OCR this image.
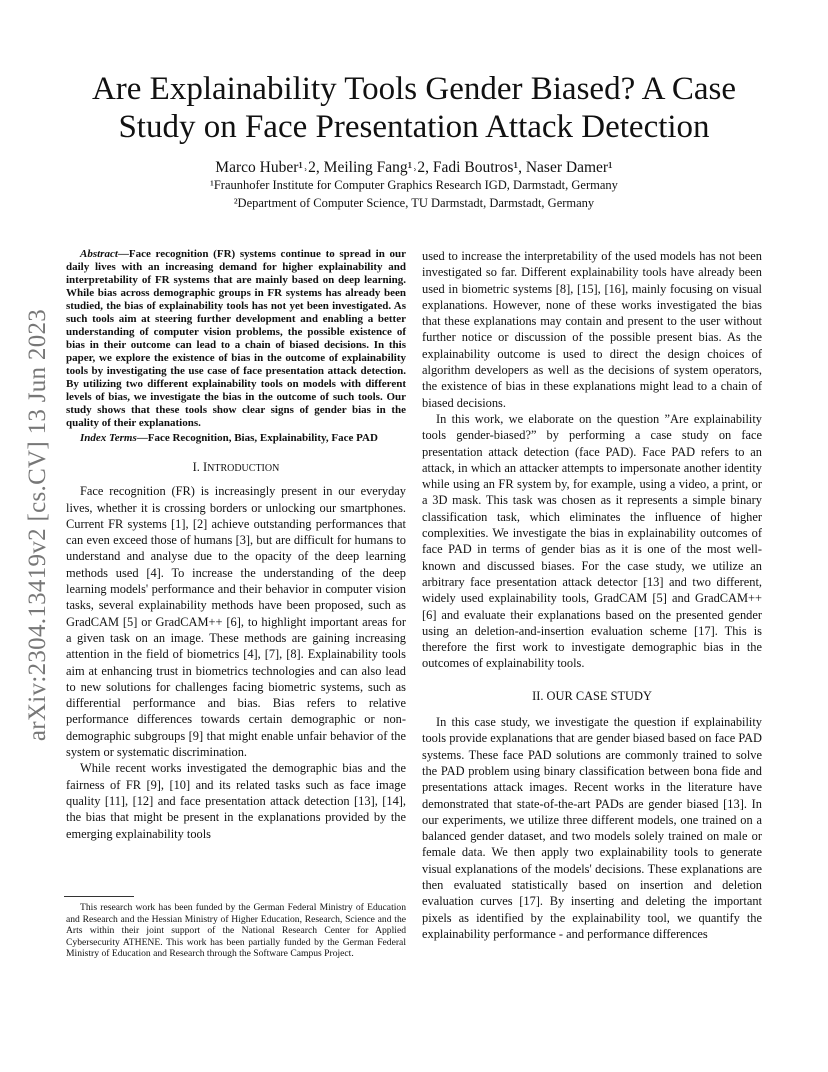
Are Explainability Tools Gender Biased? A Case Study on Face Presentation Attack Detection
Marco Huber¹˒2, Meiling Fang¹˒2, Fadi Boutros¹, Naser Damer¹
¹Fraunhofer Institute for Computer Graphics Research IGD, Darmstadt, Germany
²Department of Computer Science, TU Darmstadt, Darmstadt, Germany
arXiv:2304.13419v2 [cs.CV] 13 Jun 2023

Abstract—Face recognition (FR) systems continue to spread in our daily lives with an increasing demand for higher explainability and interpretability of FR systems that are mainly based on deep learning. While bias across demographic groups in FR systems has already been studied, the bias of explainability tools has not yet been investigated. As such tools aim at steering further development and enabling a better understanding of computer vision problems, the possible existence of bias in their outcome can lead to a chain of biased decisions. In this paper, we explore the existence of bias in the outcome of explainability tools by investigating the use case of face presentation attack detection. By utilizing two different explainability tools on models with different levels of bias, we investigate the bias in the outcome of such tools. Our study shows that these tools show clear signs of gender bias in the quality of their explanations.

Index Terms—Face Recognition, Bias, Explainability, Face PAD

I. INTRODUCTION

Face recognition (FR) is increasingly present in our everyday lives, whether it is crossing borders or unlocking our smartphones. Current FR systems [1], [2] achieve outstanding performances that can even exceed those of humans [3], but are difficult for humans to understand and analyse due to the opacity of the deep learning methods used [4]. To increase the understanding of the deep learning models' performance and their behavior in computer vision tasks, several explainability methods have been proposed, such as GradCAM [5] or GradCAM++ [6], to highlight important areas for a given task on an image. These methods are gaining increasing attention in the field of biometrics [4], [7], [8]. Explainability tools aim at enhancing trust in biometrics technologies and can also lead to new solutions for challenges facing biometric systems, such as differential performance and bias. Bias refers to relative performance differences towards certain demographic or non-demographic subgroups [9] that might enable unfair behavior of the system or systematic discrimination.

While recent works investigated the demographic bias and the fairness of FR [9], [10] and its related tasks such as face image quality [11], [12] and face presentation attack detection [13], [14], the bias that might be present in the explanations provided by the emerging explainability tools

This research work has been funded by the German Federal Ministry of Education and Research and the Hessian Ministry of Higher Education, Research, Science and the Arts within their joint support of the National Research Center for Applied Cybersecurity ATHENE. This work has been partially funded by the German Federal Ministry of Education and Research through the Software Campus Project.

used to increase the interpretability of the used models has not been investigated so far. Different explainability tools have already been used in biometric systems [8], [15], [16], mainly focusing on visual explanations. However, none of these works investigated the bias that these explanations may contain and present to the user without further notice or discussion of the possible present bias. As the explainability outcome is used to direct the design choices of algorithm developers as well as the decisions of system operators, the existence of bias in these explanations might lead to a chain of biased decisions.

In this work, we elaborate on the question ”Are explainability tools gender-biased?” by performing a case study on face presentation attack detection (face PAD). Face PAD refers to an attack, in which an attacker attempts to impersonate another identity while using an FR system by, for example, using a video, a print, or a 3D mask. This task was chosen as it represents a simple binary classification task, which eliminates the influence of higher complexities. We investigate the bias in explainability outcomes of face PAD in terms of gender bias as it is one of the most well-known and discussed biases. For the case study, we utilize an arbitrary face presentation attack detector [13] and two different, widely used explainability tools, GradCAM [5] and GradCAM++ [6] and evaluate their explanations based on the presented gender using an deletion-and-insertion evaluation scheme [17]. This is therefore the first work to investigate demographic bias in the outcomes of explainability tools.

II. OUR CASE STUDY

In this case study, we investigate the question if explainability tools provide explanations that are gender biased based on face PAD systems. These face PAD solutions are commonly trained to solve the PAD problem using binary classification between bona fide and presentations attack images. Recent works in the literature have demonstrated that state-of-the-art PADs are gender biased [13]. In our experiments, we utilize three different models, one trained on a balanced gender dataset, and two models solely trained on male or female data. We then apply two explainability tools to generate visual explanations of the models' decisions. These explanations are then evaluated statistically based on insertion and deletion evaluation curves [17]. By inserting and deleting the important pixels as identified by the explainability tool, we quantify the explainability performance - and performance differences
